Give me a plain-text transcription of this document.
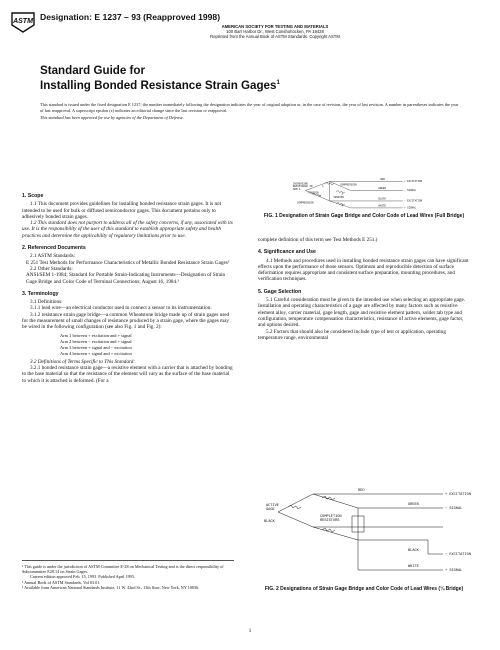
ASTM Designation: E 1237 – 93 (Reapproved 1998)
AMERICAN SOCIETY FOR TESTING AND MATERIALS
100 Barr Harbor Dr., West Conshohocken, PA 19428
Reprinted from the Annual Book of ASTM Standards. Copyright ASTM
Standard Guide for
Installing Bonded Resistance Strain Gages$^1$

This standard is issued under the fixed designation E 1237; the number immediately following the designation indicates the year of original adoption or, in the case of revision, the year of last revision. A number in parentheses indicates the year of last reapproval. A superscript epsilon (ε) indicates an editorial change since the last revision or reapproval.

This standard has been approved for use by agencies of the Department of Defense.

1. Scope

1.1 This document provides guidelines for installing bonded resistance strain gages. It is not intended to be used for bulk or diffused semiconductor gages. This document pertains only to adhesively bonded strain gages.

1.2 This standard does not purport to address all of the safety concerns, if any, associated with its use. It is the responsibility of the user of this standard to establish appropriate safety and health practices and determine the applicability of regulatory limitations prior to use.

2. Referenced Documents

2.1 ASTM Standards:

E 251 Test Methods for Performance Characteristics of Metallic Bonded Resistance Strain Gages²

2.2 Other Standards:

ANSI/SEM 1-1984; Standard for Portable Strain-Indicating Instruments—Designation of Strain Gage Bridge and Color Code of Terminal Connections; August 16, 1984.³

3. Terminology

3.1 Definitions:

3.1.1 lead wire—an electrical conductor used to connect a sensor to its instrumentation.

3.1.2 resistance strain gage bridge—a common Wheatstone bridge made up of strain gages used for the measurement of small changes of resistance produced by a strain gage, where the gages may be wired in the following configuration (see also Fig. 1 and Fig. 2):

Arm 1 between + excitation and + signal
Arm 2 between − excitation and + signal
Arm 3 between + signal and − excitation
Arm 4 between + signal and + excitation

3.2 Definitions of Terms Specific to This Standard:

3.2.1 bonded resistance strain gage—a resistive element with a carrier that is attached by bonding to the base material so that the resistance of the element will vary as the surface of the base material to which it is attached is deformed. (For a

¹ This guide is under the jurisdiction of ASTM Committee E-28 on Mechanical Testing and is the direct responsibility of Subcommittee E28.14 on Strain Gages.

Current edition approved Feb. 15, 1993. Published April 1993.

² Annual Book of ASTM Standards, Vol 03.01.

³ Available from American National Standards Institute, 11 W. 42nd St., 13th floor, New York, NY 10036.

INCREASING
RESISTANCE IN
ARM 1
TENSION
COMPRESSION
TENSION
COMPRESSION
1
2
3
4
RED
+ EXCITATION
GREEN
− SIGNAL
BLACK
− EXCITATION
WHITE
+ SIGNAL
FIG. 1 Designation of Strain Gage Bridge and Color Code of Lead Wires (Full Bridge)

complete definition of this term see Test Methods E 251.)

4. Significance and Use

4.1 Methods and procedures used in installing bonded resistance strain gages can have significant effects upon the performance of those sensors. Optimum and reproducible detection of surface deformation requires appropriate and consistent surface preparation, mounting procedures, and verification techniques.

5. Gage Selection

5.1 Careful consideration must be given to the intended use when selecting an appropriate gage. Installation and operating characteristics of a gage are affected by many factors such as resistive element alloy, carrier material, gage length, gage and resistive element pattern, solder tab type and configuration, temperature compensation characteristics, resistance of active elements, gage factor, and options desired.

5.2 Factors that should also be considered include type of test or application, operating temperature range, environmental

ACTIVE
GAGE
BLACK
COMPLETION
RESISTORS
RED
+ EXCITATION
GREEN
− SIGNAL
BLACK
− EXCITATION
WHITE
+ SIGNAL
FIG. 2 Designations of Strain Gage Bridge and Color Code of Lead Wires (¼ Bridge)
1
